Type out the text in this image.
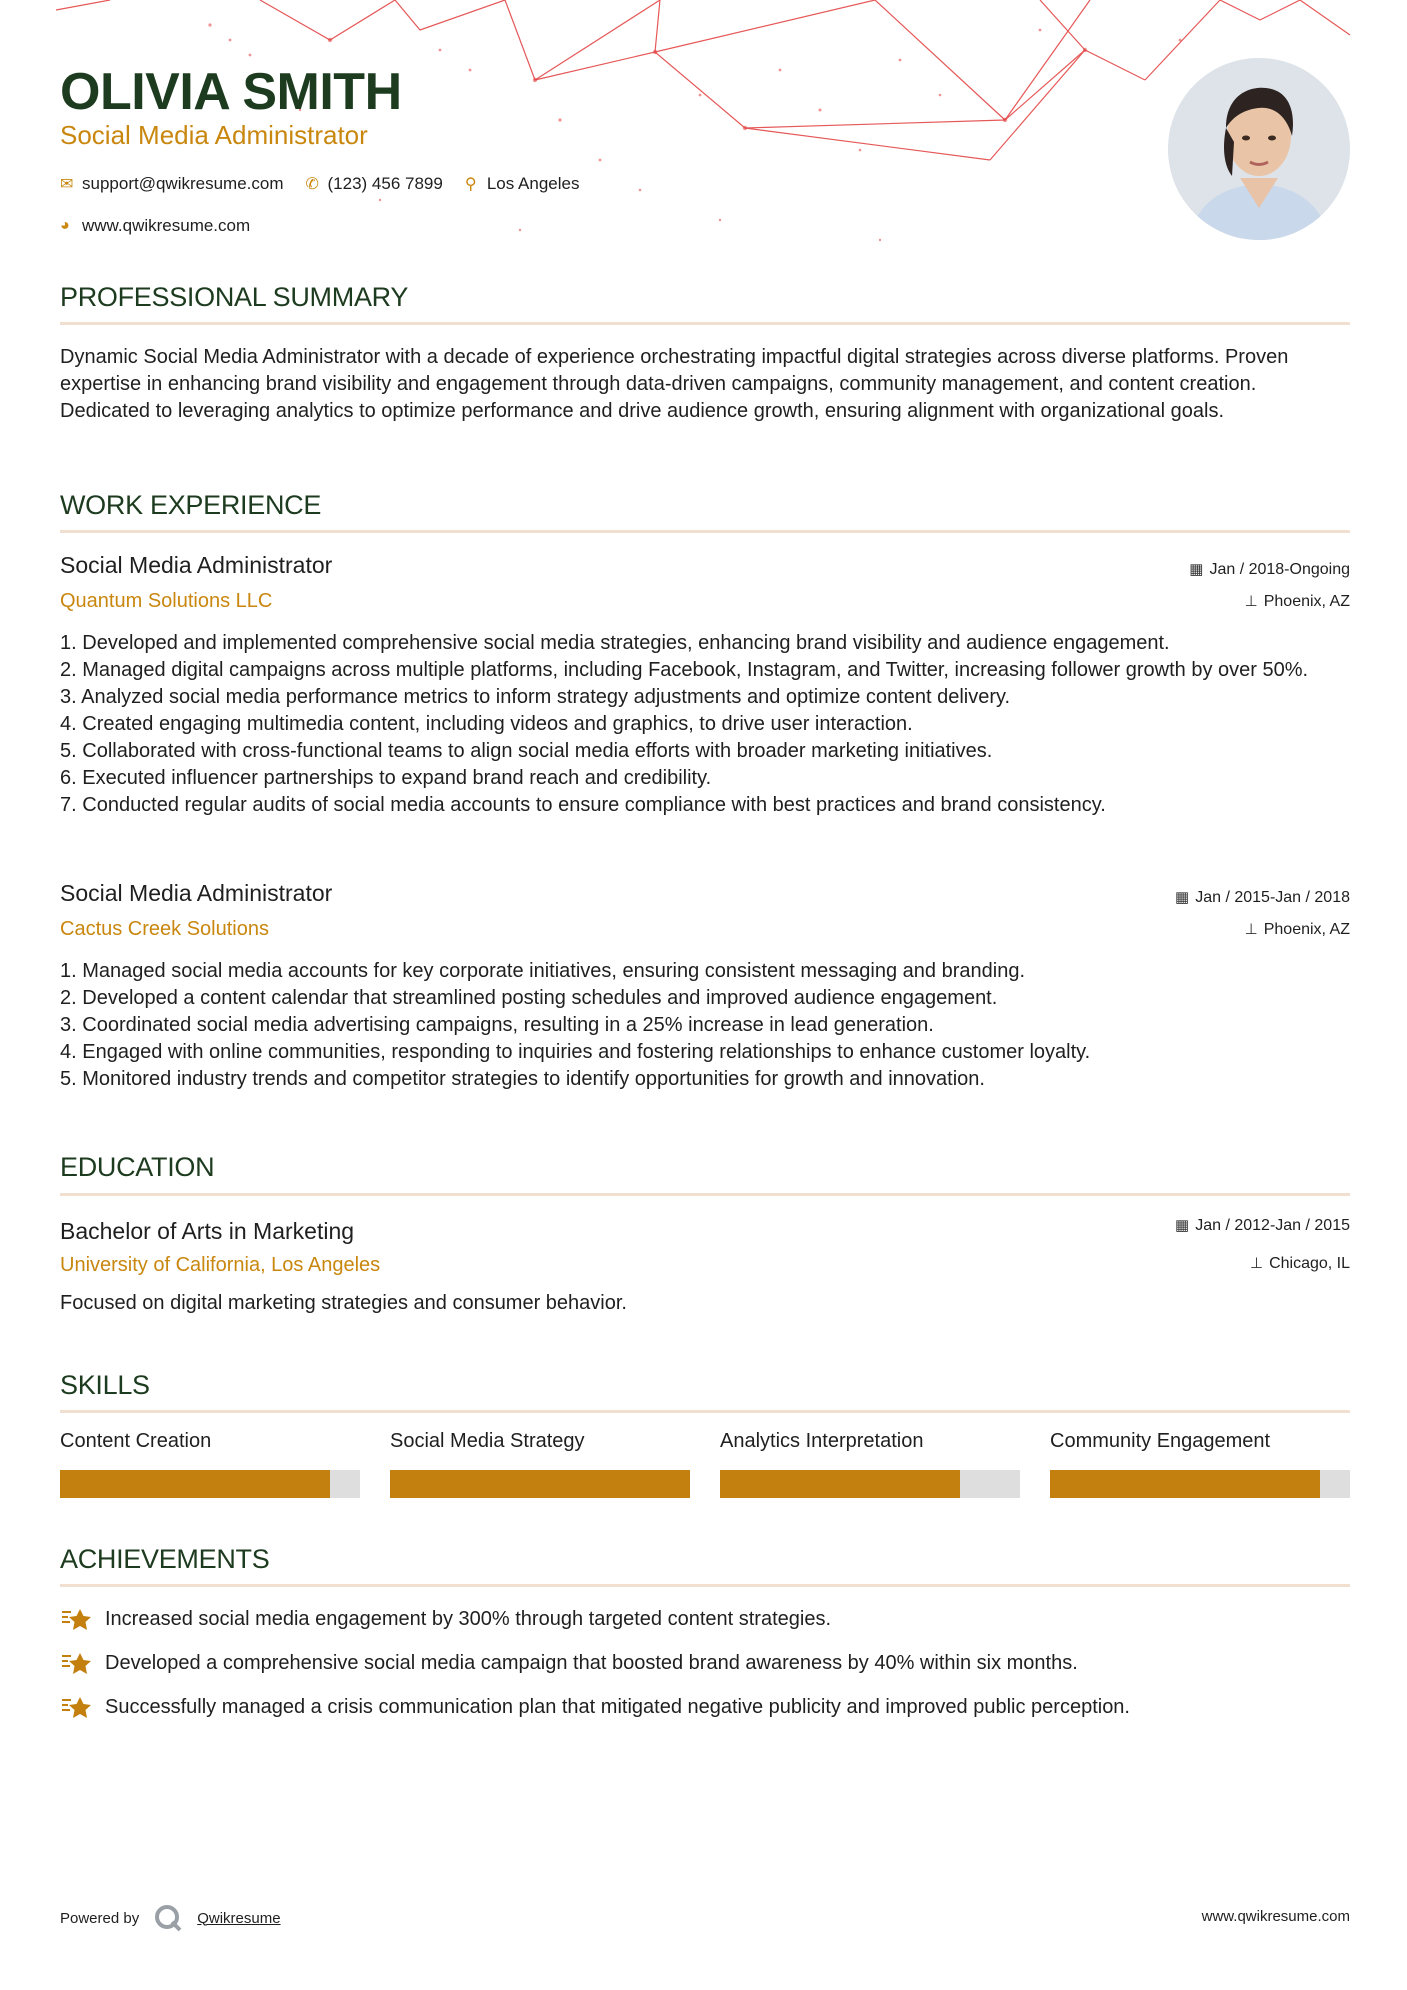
OLIVIA SMITH
Social Media Administrator
✉ support@qwikresume.com ✆ (123) 456 7899 ⚲ Los Angeles
◕ www.qwikresume.com
PROFESSIONAL SUMMARY
Dynamic Social Media Administrator with a decade of experience orchestrating impactful digital strategies across diverse platforms. Proven expertise in enhancing brand visibility and engagement through data-driven campaigns, community management, and content creation. Dedicated to leveraging analytics to optimize performance and drive audience growth, ensuring alignment with organizational goals.
WORK EXPERIENCE
Social Media Administrator	▦ Jan / 2018-Ongoing
Quantum Solutions LLC	⊥ Phoenix, AZ
Developed and implemented comprehensive social media strategies, enhancing brand visibility and audience engagement.
Managed digital campaigns across multiple platforms, including Facebook, Instagram, and Twitter, increasing follower growth by over 50%.
Analyzed social media performance metrics to inform strategy adjustments and optimize content delivery.
Created engaging multimedia content, including videos and graphics, to drive user interaction.
Collaborated with cross-functional teams to align social media efforts with broader marketing initiatives.
Executed influencer partnerships to expand brand reach and credibility.
Conducted regular audits of social media accounts to ensure compliance with best practices and brand consistency.
Social Media Administrator	▦ Jan / 2015-Jan / 2018
Cactus Creek Solutions	⊥ Phoenix, AZ
Managed social media accounts for key corporate initiatives, ensuring consistent messaging and branding.
Developed a content calendar that streamlined posting schedules and improved audience engagement.
Coordinated social media advertising campaigns, resulting in a 25% increase in lead generation.
Engaged with online communities, responding to inquiries and fostering relationships to enhance customer loyalty.
Monitored industry trends and competitor strategies to identify opportunities for growth and innovation.
EDUCATION
Bachelor of Arts in Marketing	▦ Jan / 2012-Jan / 2015
University of California, Los Angeles	⊥ Chicago, IL
Focused on digital marketing strategies and consumer behavior.
SKILLS
Content Creation	Social Media Strategy	Analytics Interpretation	Community Engagement
ACHIEVEMENTS
Increased social media engagement by 300% through targeted content strategies.
Developed a comprehensive social media campaign that boosted brand awareness by 40% within six months.
Successfully managed a crisis communication plan that mitigated negative publicity and improved public perception.
Powered by	Qwikresume	www.qwikresume.com
